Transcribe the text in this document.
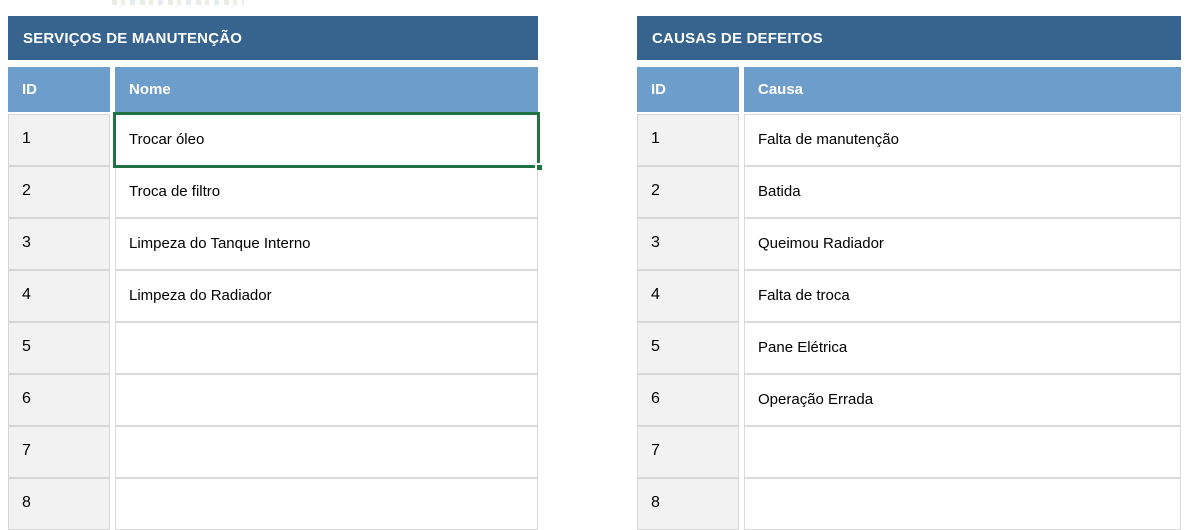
SERVIÇOS DE MANUTENÇÃO
ID	Nome
1	Trocar óleo
2	Troca de filtro
3	Limpeza do Tanque Interno
4	Limpeza do Radiador
5
6
7
8
CAUSAS DE DEFEITOS
ID	Causa
1	Falta de manutenção
2	Batida
3	Queimou Radiador
4	Falta de troca
5	Pane Elétrica
6	Operação Errada
7
8
